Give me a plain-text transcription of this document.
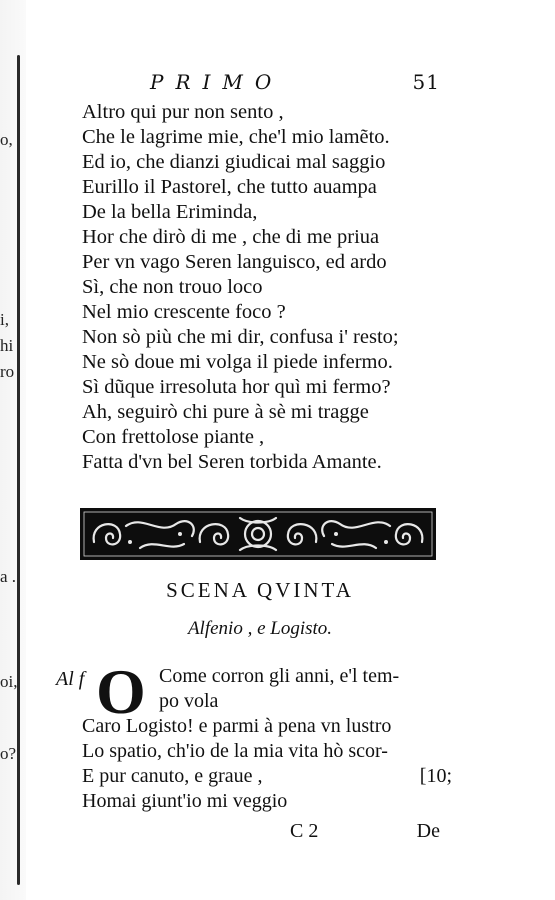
o,
i,
hi
ro
a .
oi,
o?
PRIMO	51
Altro qui pur non sento ,
Che le lagrime mie, che'l mio lamẽto.
Ed io, che dianzi giudicai mal saggio
Eurillo il Pastorel, che tutto auampa
De la bella Eriminda,
Hor che dirò di me , che di me priua
Per vn vago Seren languisco, ed ardo
Sì, che non trouo loco
Nel mio crescente foco ?
Non sò più che mi dir, confusa i' resto;
Ne sò doue mi volga il piede infermo.
Sì dũque irresoluta hor quì mi fermo?
Ah, seguirò chi pure à sè mi tragge
Con frettolose piante ,
Fatta d'vn bel Seren torbida Amante.
SCENA QVINTA
Alfenio , e Logisto.
Al f O Come corron gli anni, e'l tem-
po vola
Caro Logisto! e parmi à pena vn lustro
Lo spatio, ch'io de la mia vita hò scor-
E pur canuto, e graue ,	[10;
Homai giunt'io mi veggio
C 2	De
